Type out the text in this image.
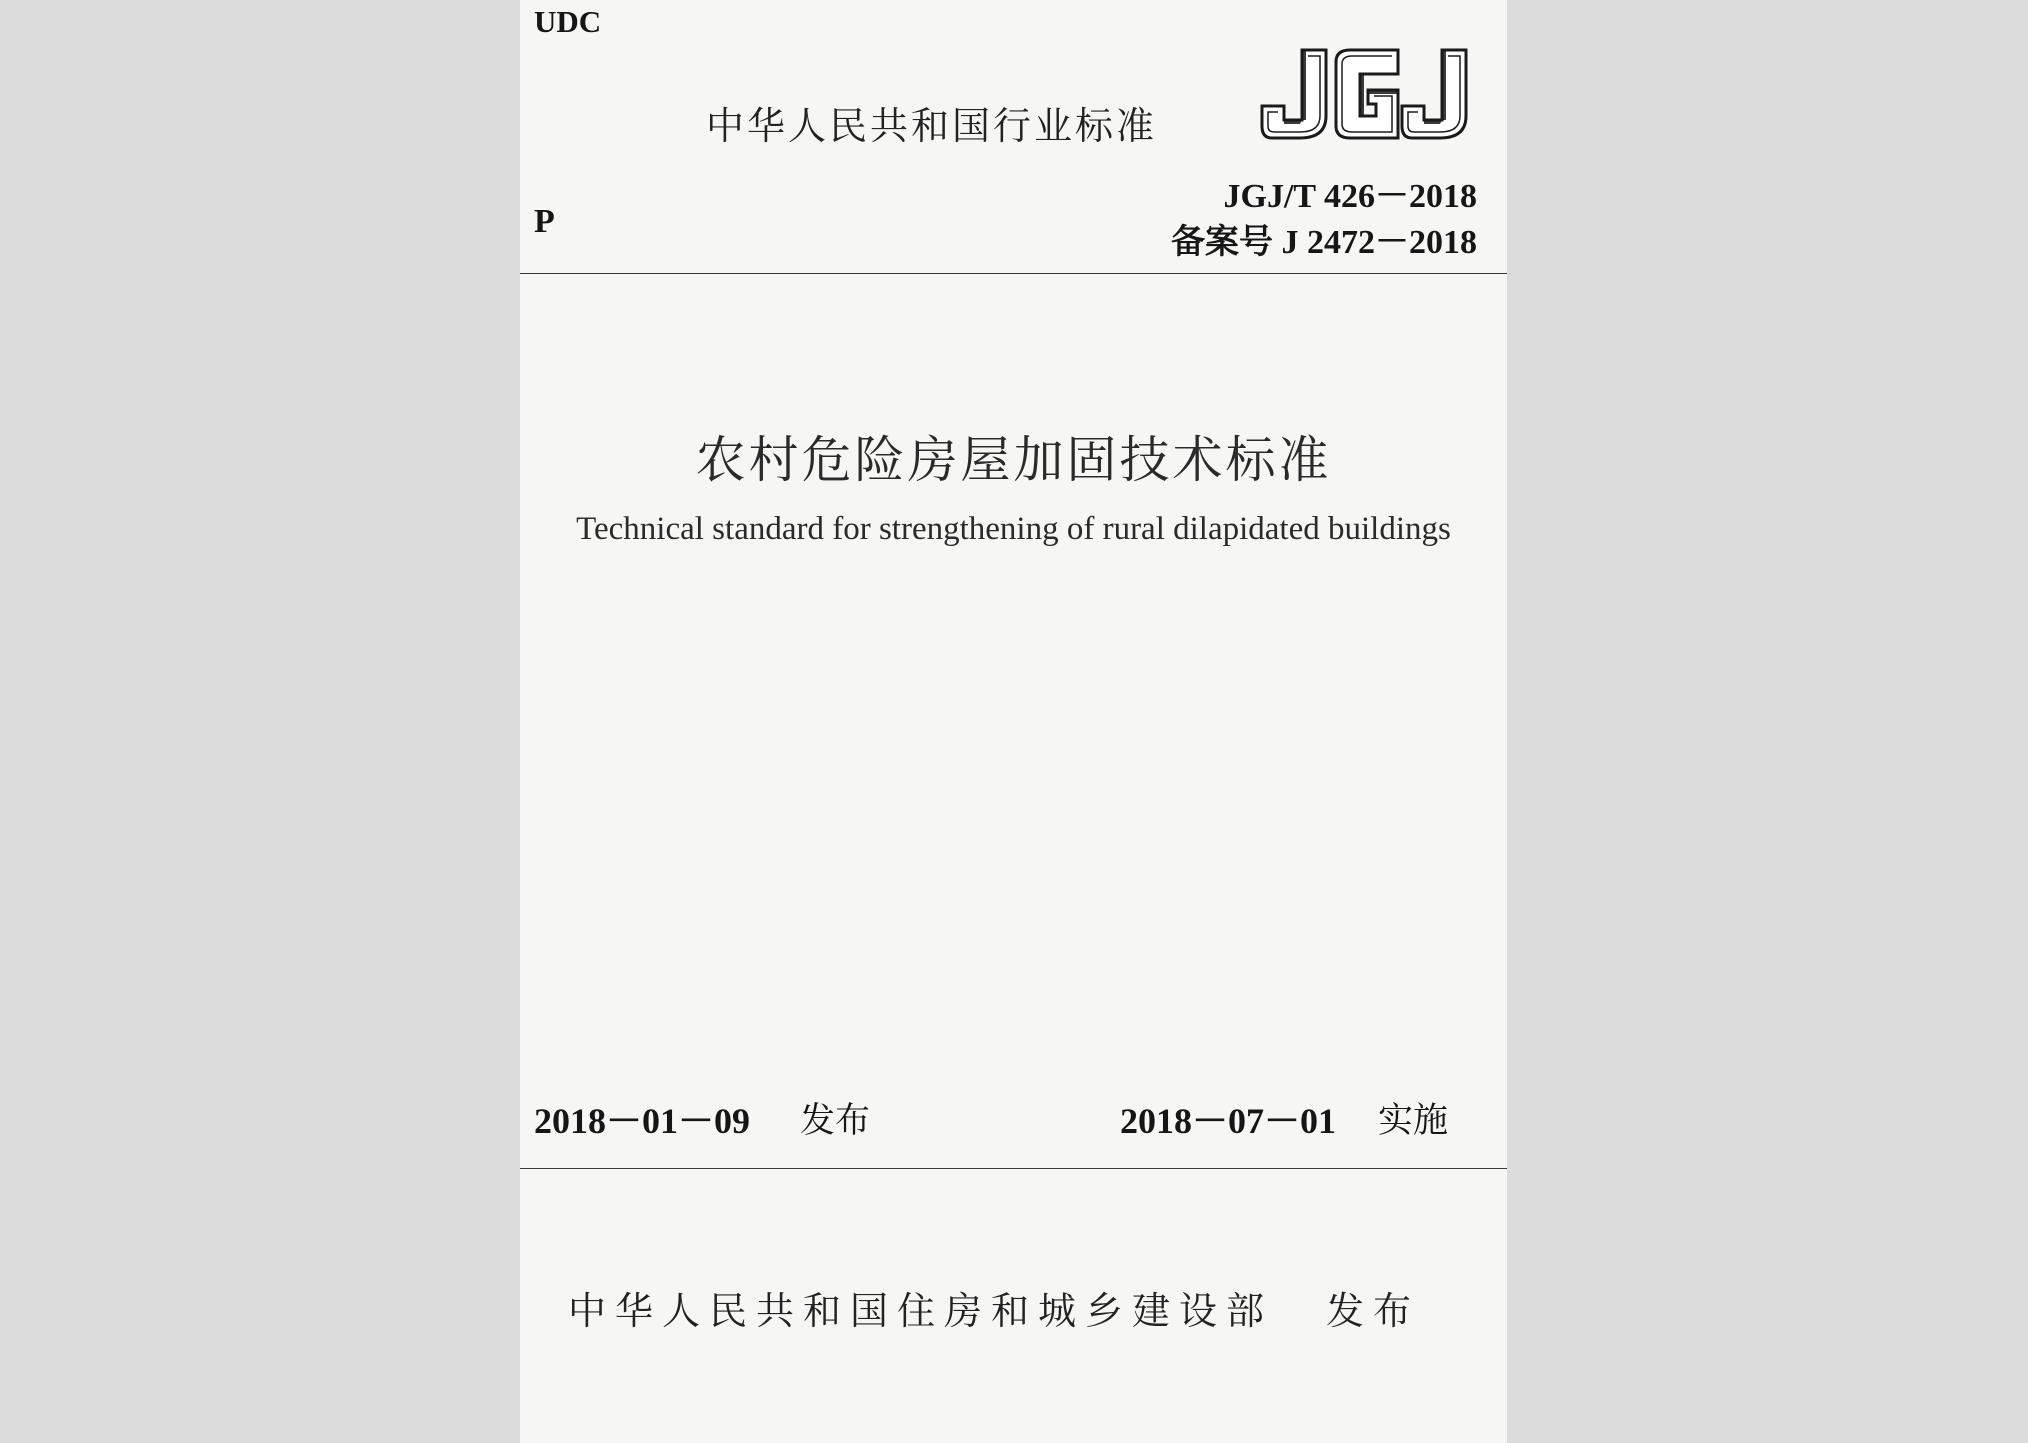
UDC

中华人民共和国行业标准

P

JGJ/T 426－2018

备案号 J 2472－2018

农村危险房屋加固技术标准

Technical standard for strengthening of rural dilapidated buildings

2018－01－09 发布	2018－07－01 实施

中华人民共和国住房和城乡建设部 发布
